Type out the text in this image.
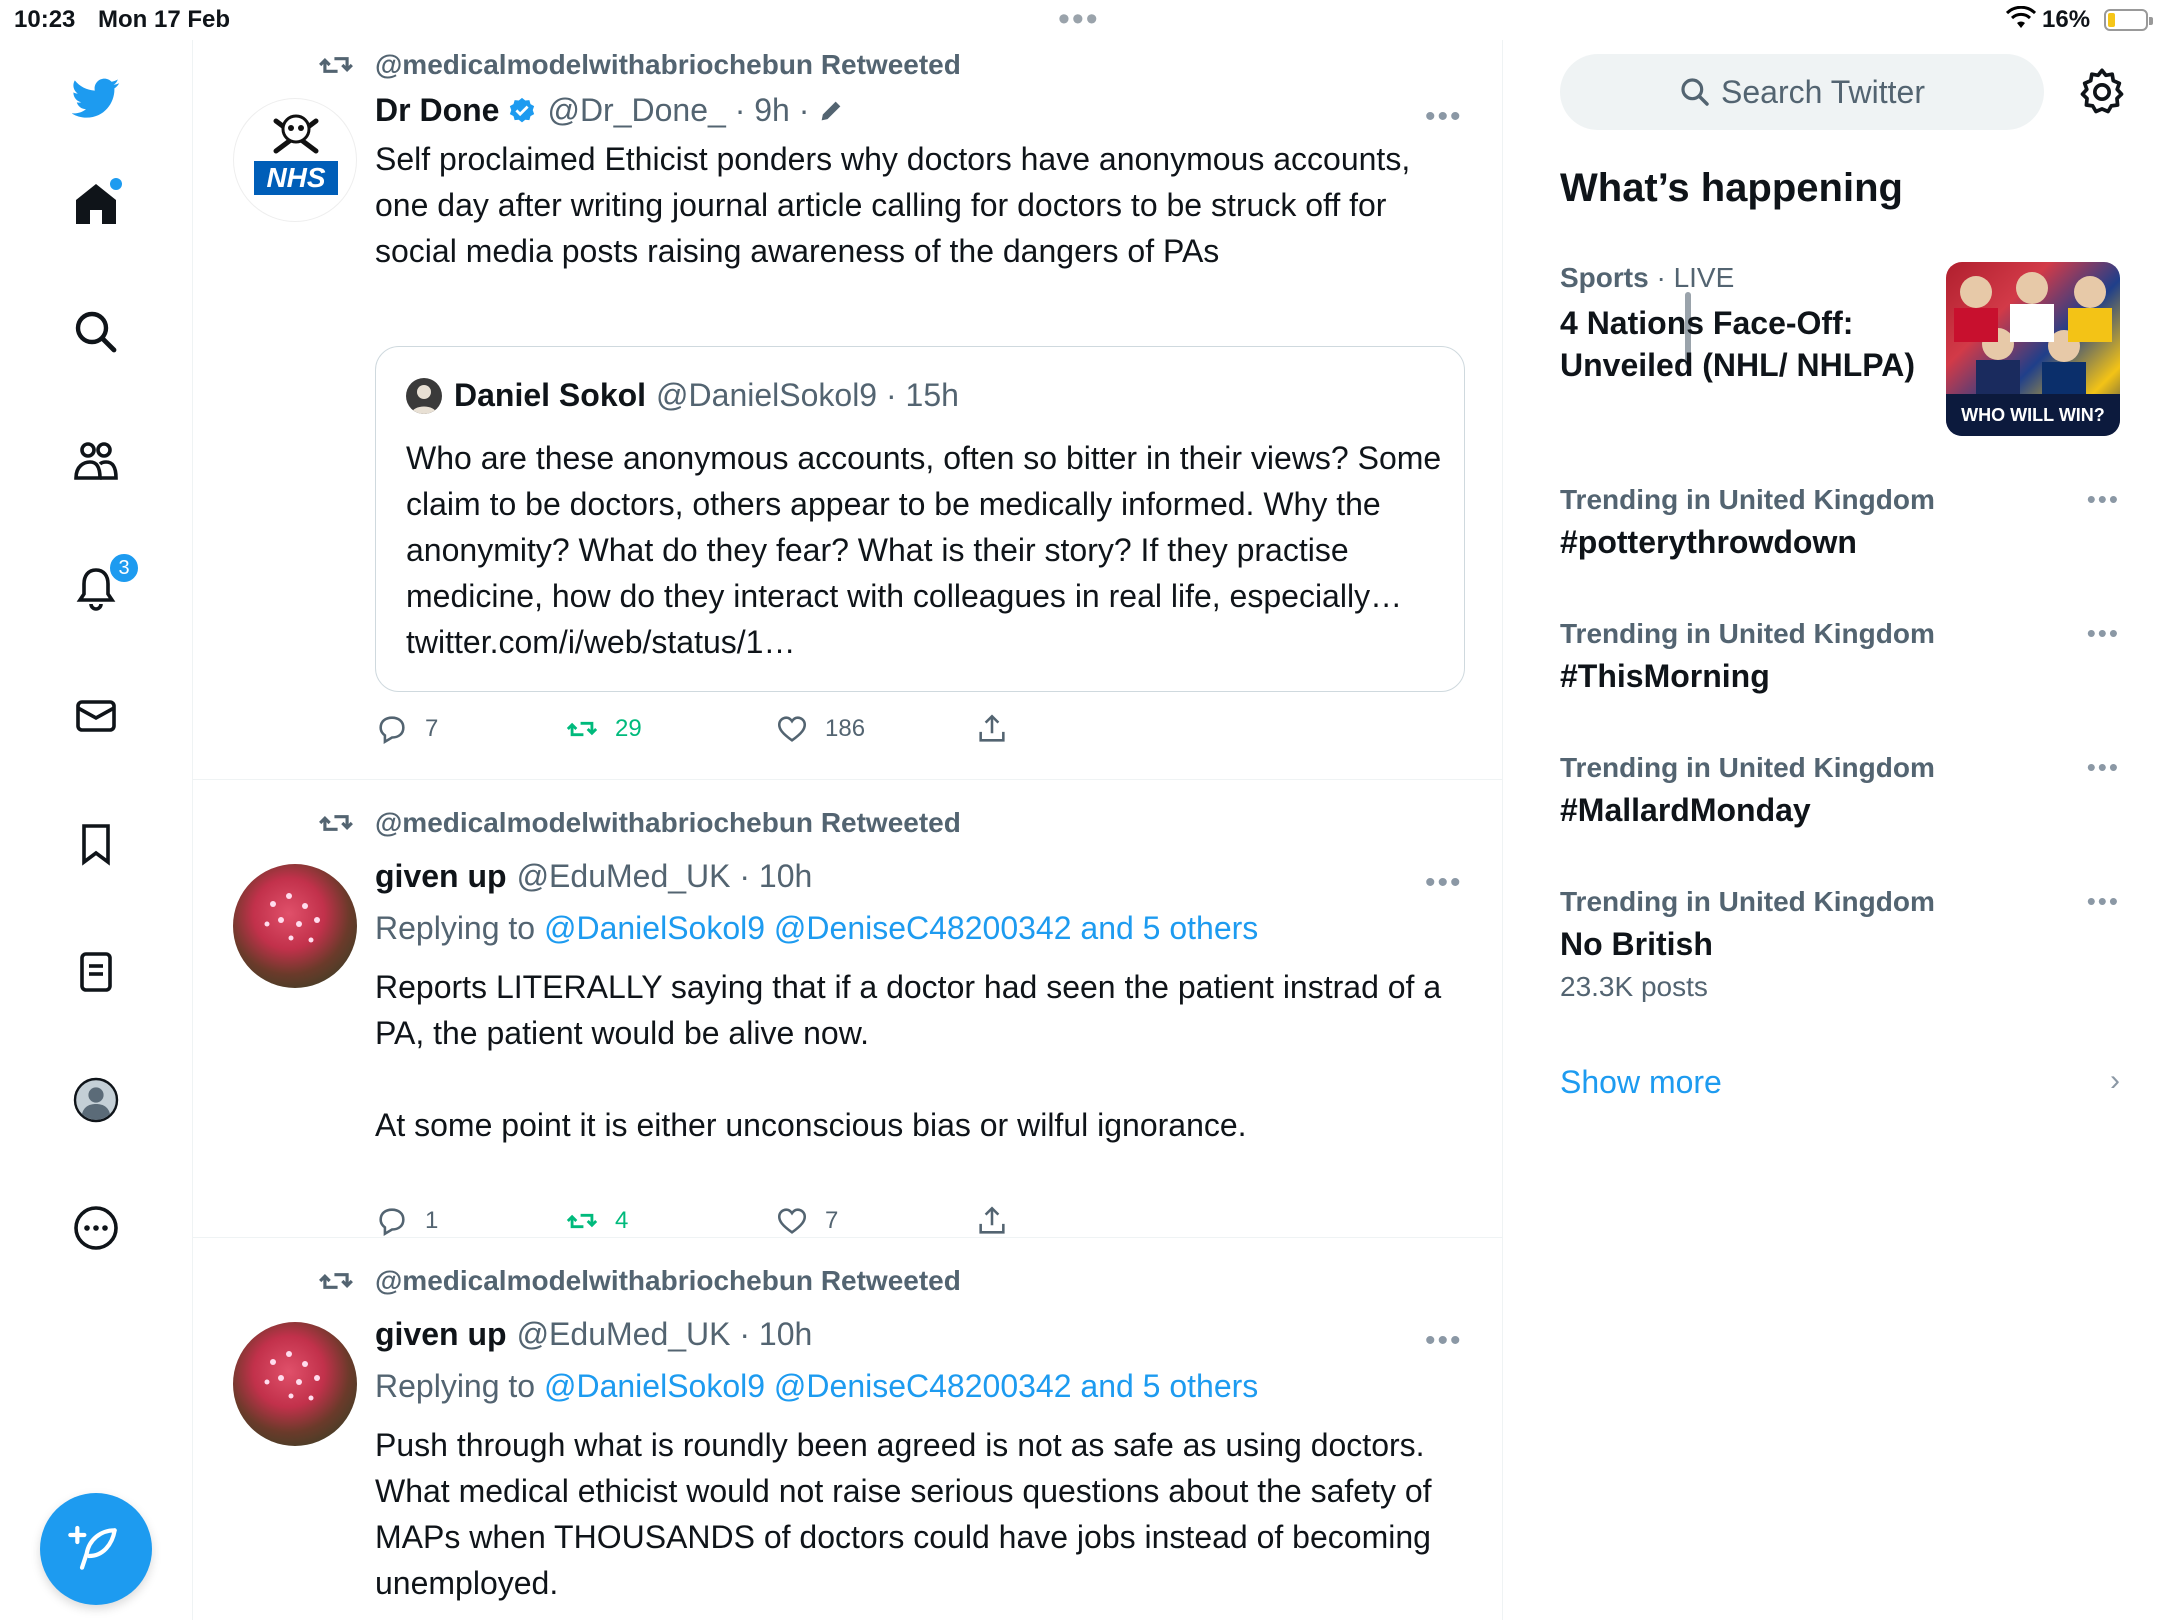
10:23 Mon 17 Feb	•••	16%
3
@medicalmodelwithabriochebun Retweeted
NHS
Dr Done @Dr_Done_ · 9h ·	•••
Self proclaimed Ethicist ponders why doctors have anonymous accounts, one day after writing journal article calling for doctors to be struck off for social media posts raising awareness of the dangers of PAs
Daniel Sokol @DanielSokol9 · 15h
Who are these anonymous accounts, often so bitter in their views? Some claim to be doctors, others appear to be medically informed. Why the anonymity? What do they fear? What is their story? If they practise medicine, how do they interact with colleagues in real life, especially… twitter.com/i/web/status/1…
7	29	186
@medicalmodelwithabriochebun Retweeted
given up @EduMed_UK · 10h	•••
Replying to @DanielSokol9 @DeniseC48200342 and 5 others
Reports LITERALLY saying that if a doctor had seen the patient instrad of a PA, the patient would be alive now.

At some point it is either unconscious bias or wilful ignorance.
1	4	7
@medicalmodelwithabriochebun Retweeted
given up @EduMed_UK · 10h	•••
Replying to @DanielSokol9 @DeniseC48200342 and 5 others
Push through what is roundly been agreed is not as safe as using doctors. What medical ethicist would not raise serious questions about the safety of MAPs when THOUSANDS of doctors could have jobs instead of becoming unemployed.
Search Twitter
What’s happening
Sports · LIVE
4 Nations Face-Off: Unveiled (NHL/ NHLPA)
WHO WILL WIN?
Trending in United Kingdom
#potterythrowdown
•••
Trending in United Kingdom
#ThisMorning
•••
Trending in United Kingdom
#MallardMonday
•••
Trending in United Kingdom
No British
23.3K posts
•••
Show more	›
